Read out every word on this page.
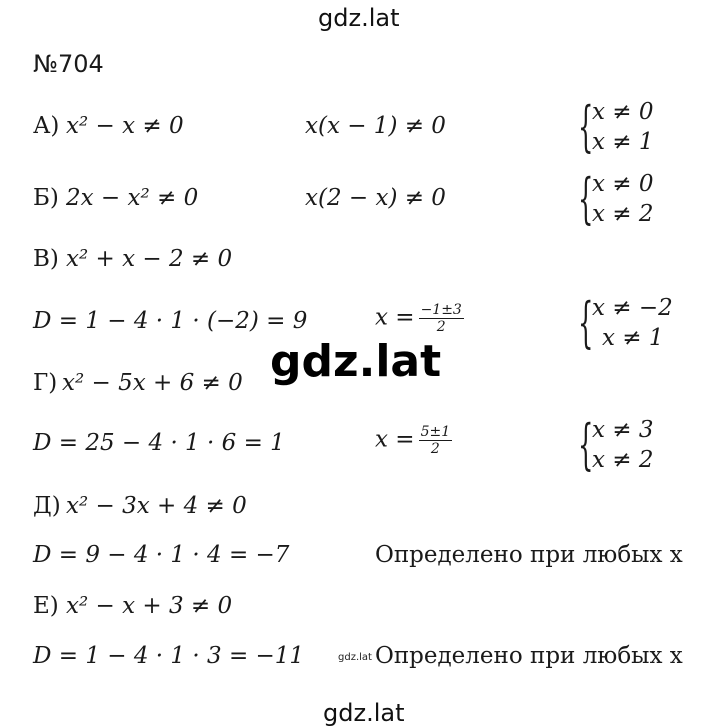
gdz.lat
№704
А) x² − x ≠ 0	x(x − 1) ≠ 0 {
x ≠ 0
x ≠ 1
Б) 2x − x² ≠ 0	x(2 − x) ≠ 0 {
x ≠ 0
x ≠ 2
В) x² + x − 2 ≠ 0
D = 1 − 4 · 1 · (−2) = 9	$x = \frac{-1\pm 3}{2}$ {
x ≠ −2
x ≠ 1
gdz.lat
Г) x² − 5x + 6 ≠ 0
D = 25 − 4 · 1 · 6 = 1	$x = \frac{5\pm 1}{2}$ {
x ≠ 3
x ≠ 2
Д) x² − 3x + 4 ≠ 0
D = 9 − 4 · 1 · 4 = −7	Определено при любых x
Е) x² − x + 3 ≠ 0
D = 1 − 4 · 1 · 3 = −11	gdz.lat Определено при любых x
gdz.lat
